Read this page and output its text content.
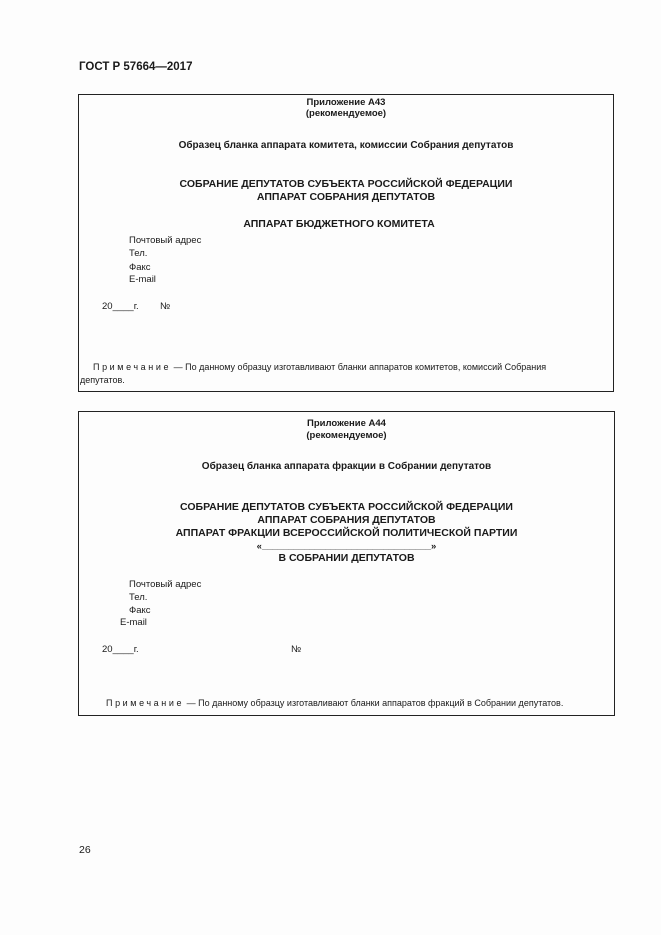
ГОСТ Р 57664—2017
Приложение А43
(рекомендуемое)
Образец бланка аппарата комитета, комиссии Собрания депутатов
СОБРАНИЕ ДЕПУТАТОВ СУБЪЕКТА РОССИЙСКОЙ ФЕДЕРАЦИИ
АППАРАТ СОБРАНИЯ ДЕПУТАТОВ
АППАРАТ БЮДЖЕТНОГО КОМИТЕТА
Почтовый адрес
Тел.
Факс
E-mail
20____г. №
Примечание — По данному образцу изготавливают бланки аппаратов комитетов, комиссий Собрания
депутатов.
Приложение А44
(рекомендуемое)
Образец бланка аппарата фракции в Собрании депутатов
СОБРАНИЕ ДЕПУТАТОВ СУБЪЕКТА РОССИЙСКОЙ ФЕДЕРАЦИИ
АППАРАТ СОБРАНИЯ ДЕПУТАТОВ
АППАРАТ ФРАКЦИИ ВСЕРОССИЙСКОЙ ПОЛИТИЧЕСКОЙ ПАРТИИ
«________________________________»
В СОБРАНИИ ДЕПУТАТОВ
Почтовый адрес
Тел.
Факс
E-mail
20____г.	№
Примечание — По данному образцу изготавливают бланки аппаратов фракций в Собрании депутатов.
26
